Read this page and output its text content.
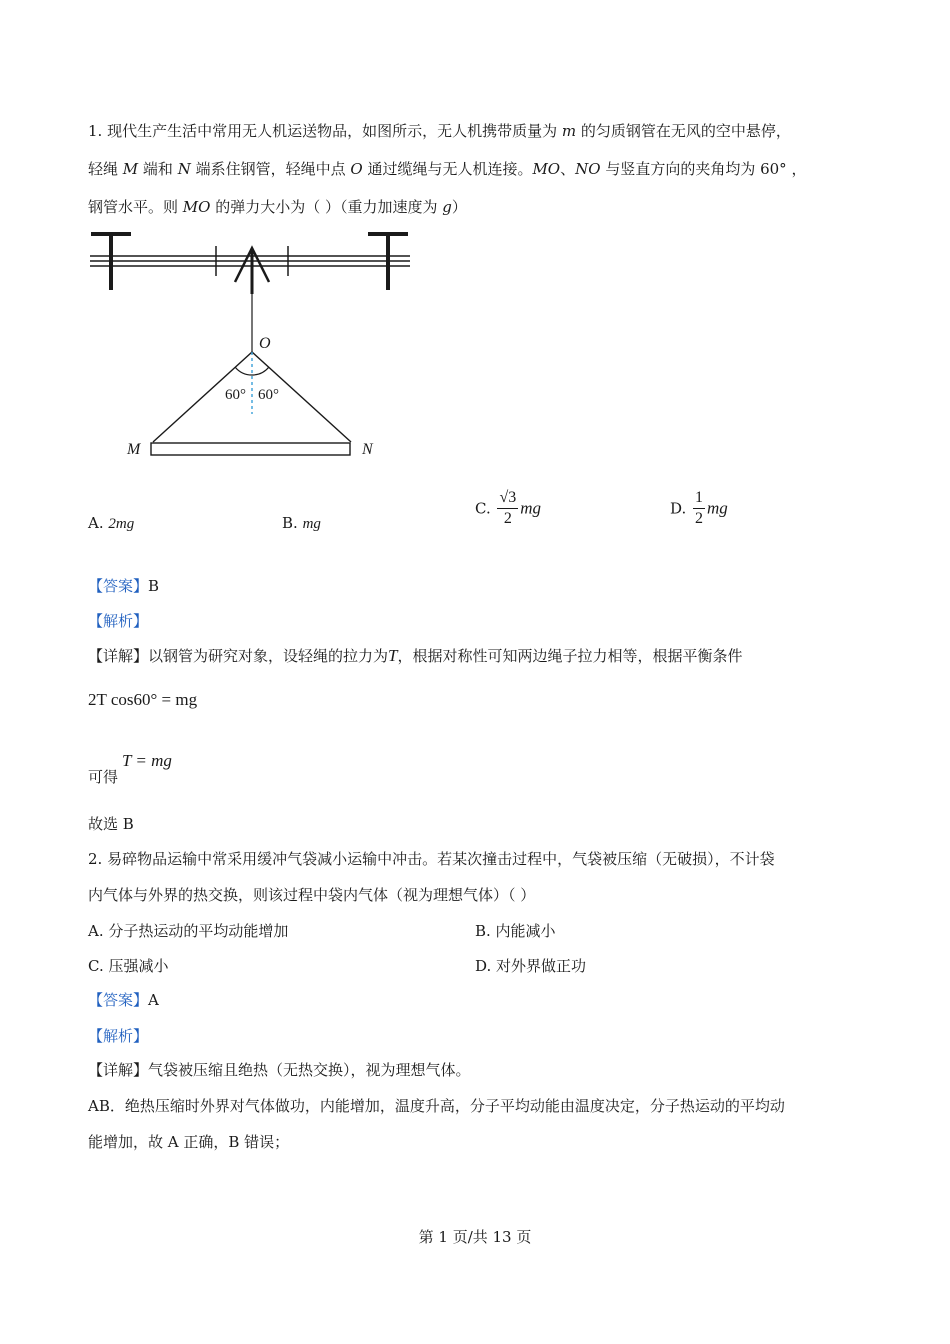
1. 现代生产生活中常用无人机运送物品，如图所示，无人机携带质量为 m 的匀质钢管在无风的空中悬停，
轻绳 M 端和 N 端系住钢管，轻绳中点 O 通过缆绳与无人机连接。MO、NO 与竖直方向的夹角均为 60° ，
钢管水平。则 MO 的弹力大小为（ ）（重力加速度为 g）
O
60° 60°
M	N
A. 2mg	B. mg
C. $\frac{√3}{2}$ mg	D. $\frac{1}{2}$ mg
【答案】B
【解析】
【详解】以钢管为研究对象，设轻绳的拉力为T，根据对称性可知两边绳子拉力相等，根据平衡条件
2T cos60° = mg
可得
T = mg
故选 B
2. 易碎物品运输中常采用缓冲气袋减小运输中冲击。若某次撞击过程中，气袋被压缩（无破损），不计袋
内气体与外界的热交换，则该过程中袋内气体（视为理想气体）（ ）
A. 分子热运动的平均动能增加	B. 内能减小
C. 压强减小	D. 对外界做正功
【答案】A
【解析】
【详解】气袋被压缩且绝热（无热交换），视为理想气体。
AB．绝热压缩时外界对气体做功，内能增加，温度升高，分子平均动能由温度决定，分子热运动的平均动
能增加，故 A 正确，B 错误；
第 1 页/共 13 页
